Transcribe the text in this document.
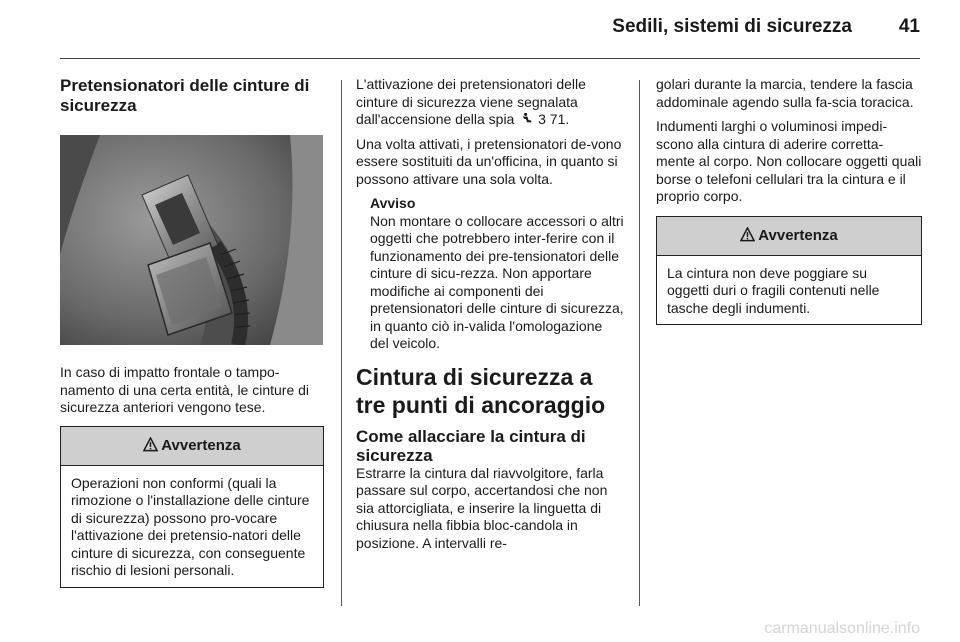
Sedili, sistemi di sicurezza 41
Pretensionatori delle cinture di sicurezza

In caso di impatto frontale o tampo-namento di una certa entità, le cinture di sicurezza anteriori vengono tese.

Avvertenza

Operazioni non conformi (quali la rimozione o l'installazione delle cinture di sicurezza) possono pro-vocare l'attivazione dei pretensio-natori delle cinture di sicurezza, con conseguente rischio di lesioni personali.

L'attivazione dei pretensionatori delle cinture di sicurezza viene segnalata dall'accensione della spia 3 71.

Una volta attivati, i pretensionatori de-vono essere sostituiti da un'officina, in quanto si possono attivare una sola volta.

Avviso

Non montare o collocare accessori o altri oggetti che potrebbero inter-ferire con il funzionamento dei pre-tensionatori delle cinture di sicu-rezza. Non apportare modifiche ai componenti dei pretensionatori delle cinture di sicurezza, in quanto ciò in-valida l'omologazione del veicolo.

Cintura di sicurezza a tre punti di ancoraggio
Come allacciare la cintura di sicurezza

Estrarre la cintura dal riavvolgitore, farla passare sul corpo, accertandosi che non sia attorcigliata, e inserire la linguetta di chiusura nella fibbia bloc-candola in posizione. A intervalli re-

golari durante la marcia, tendere la fascia addominale agendo sulla fa-scia toracica.

Indumenti larghi o voluminosi impedi-scono alla cintura di aderire corretta-mente al corpo. Non collocare oggetti quali borse o telefoni cellulari tra la cintura e il proprio corpo.

Avvertenza

La cintura non deve poggiare su oggetti duri o fragili contenuti nelle tasche degli indumenti.

carmanualsonline.info
